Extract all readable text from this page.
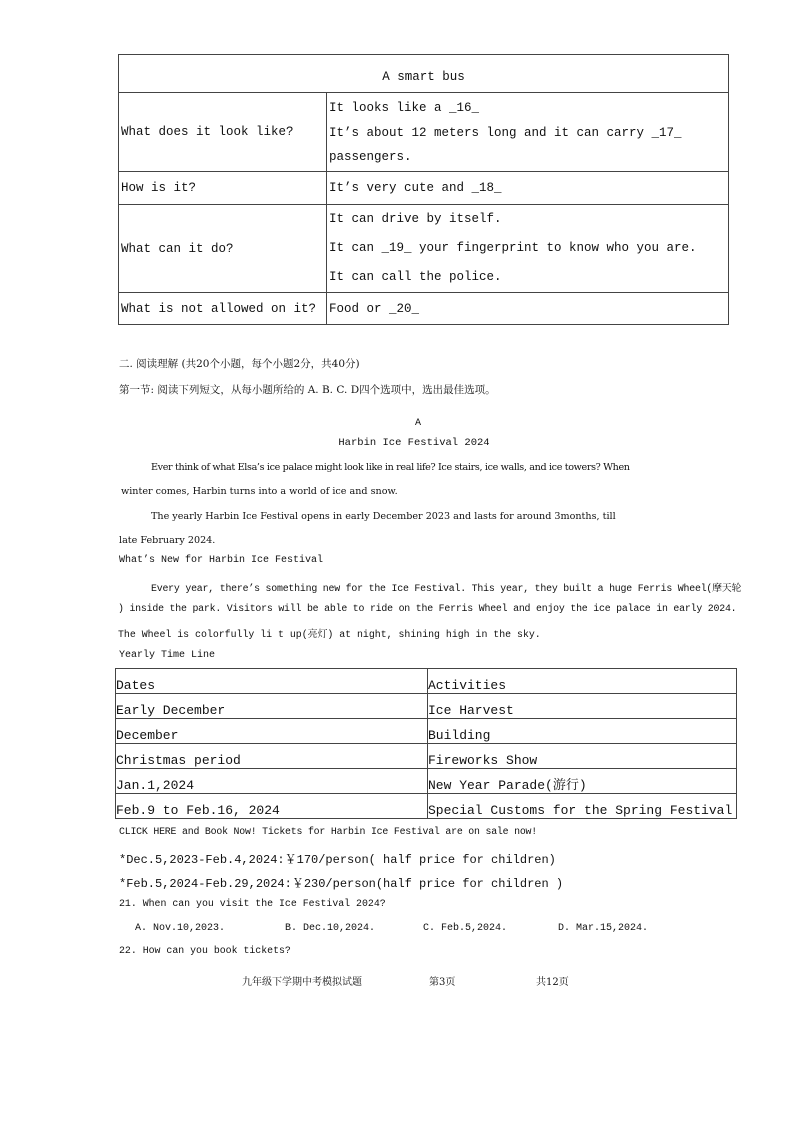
A smart bus	
What does it look like?	It looks like a _16_
It’s about 12 meters long and it can carry _17_
passengers.

How is it?	It’s very cute and _18_

What can it do?	It can drive by itself.
It can _19_ your fingerprint to know who you are.
It can call the police.

What is not allowed on it?	Food or _20_
二. 阅读理解 (共20个小题，每个小题2分，共40分)
第一节: 阅读下列短文，从每小题所给的 A. B. C. D四个选项中，选出最佳选项。
A
Harbin Ice Festival 2024
Ever think of what Elsa’s ice palace might look like in real life? Ice stairs, ice walls, and ice towers? When
winter comes, Harbin turns into a world of ice and snow.
The yearly Harbin Ice Festival opens in early December 2023 and lasts for around 3months, till
late February 2024.
What’s New for Harbin Ice Festival
Every year, there’s something new for the Ice Festival. This year, they built a huge Ferris Wheel(摩天轮
) inside the park. Visitors will be able to ride on the Ferris Wheel and enjoy the ice palace in early 2024.
The Wheel is colorfully li t up(亮灯) at night, shining high in the sky.
Yearly Time Line
Dates	Activities
Early December	Ice Harvest
December	Building
Christmas period	Fireworks Show
Jan.1,2024	New Year Parade(游行)
Feb.9 to Feb.16, 2024	Special Customs for the Spring Festival
CLICK HERE and Book Now! Tickets for Harbin Ice Festival are on sale now!
*Dec.5,2023-Feb.4,2024:￥170/person( half price for children)
*Feb.5,2024-Feb.29,2024:￥230/person(half price for children )
21. When can you visit the Ice Festival 2024?
A. Nov.10,2023.	B. Dec.10,2024.	C. Feb.5,2024.	D. Mar.15,2024.
22. How can you book tickets?
九年级下学期中考模拟试题	第3页	共12页
